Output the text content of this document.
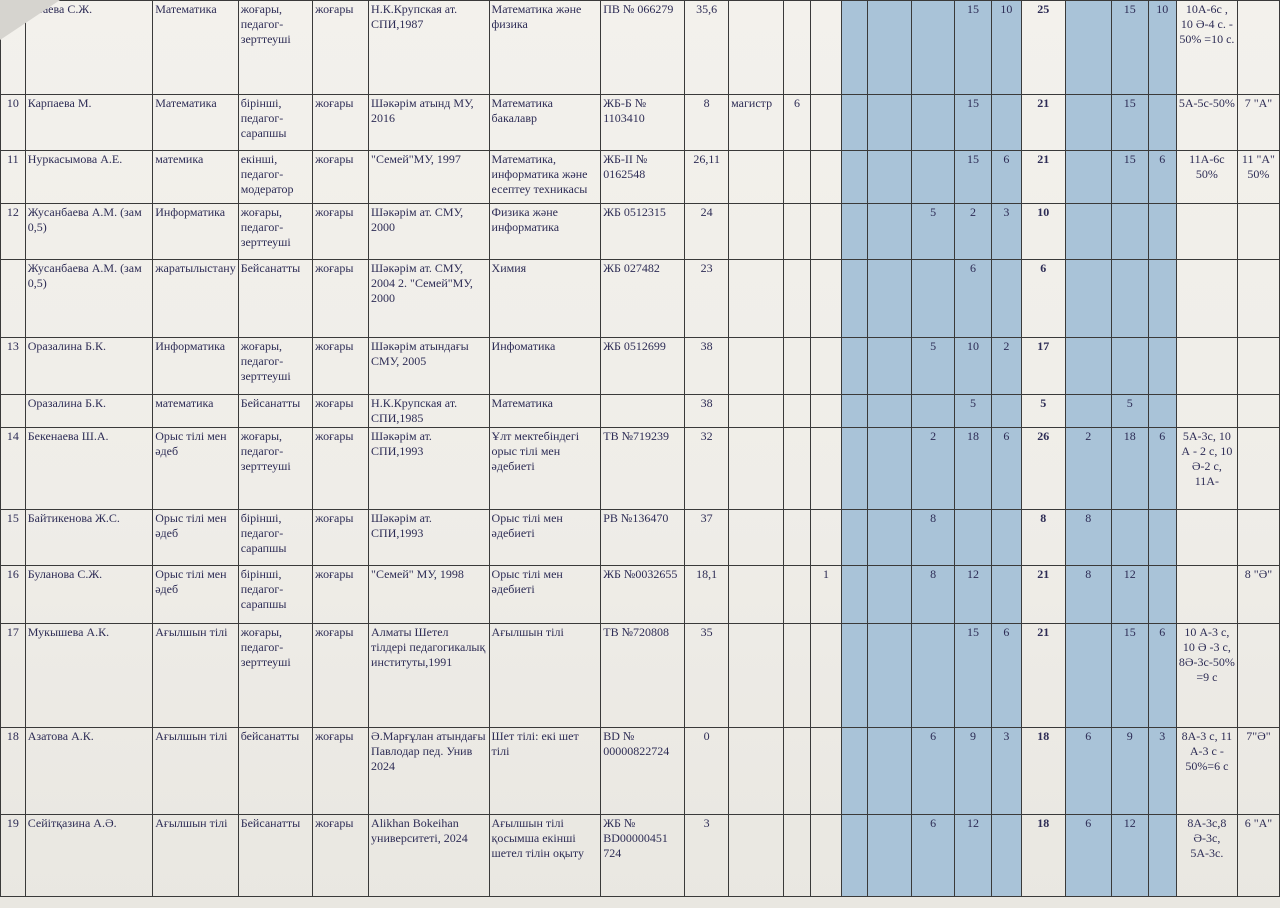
	...баева С.Ж.	Математика	жоғары, педагог-зерттеуші	жоғары	Н.К.Крупская ат. СПИ,1987	Математика және физика	ПВ № 066279	35,6							15	10	25		15	10	10А-6с , 10 Ә-4 с. - 50% =10 с.	
10	Карпаева М.	Математика	бірінші, педагог-сарапшы	жоғары	Шәкәрім атынд МУ, 2016	Математика бакалавр	ЖБ-Б № 1103410	8	магистр	6					15		21		15		5А-5с-50%	7 "А"
11	Нуркасымова А.Е.	матемика	екінші, педагог-модератор	жоғары	"Семей"МУ, 1997	Математика, информатика және есептеу техникасы	ЖБ-ІІ № 0162548	26,11							15	6	21		15	6	11А-6с 50%	11 "А" 50%
12	Жусанбаева А.М. (зам 0,5)	Информатика	жоғары, педагог-зерттеуші	жоғары	Шәкәрім ат. СМУ, 2000	Физика және информатика	ЖБ 0512315	24						5	2	3	10					
	Жусанбаева А.М. (зам 0,5)	жаратылыстану	Бейсанатты	жоғары	Шәкәрім ат. СМУ, 2004 2. "Семей"МУ, 2000	Химия	ЖБ 027482	23							6		6					
13	Оразалина Б.К.	Информатика	жоғары, педагог-зерттеуші	жоғары	Шәкәрім атындағы СМУ, 2005	Инфоматика	ЖБ 0512699	38						5	10	2	17					
	Оразалина Б.К.	математика	Бейсанатты	жоғары	Н.К.Крупская ат. СПИ,1985	Математика		38							5		5		5			
14	Бекенаева Ш.А.	Орыс тілі мен әдеб	жоғары, педагог-зерттеуші	жоғары	Шәкәрім ат. СПИ,1993	Ұлт мектебіндегі орыс тілі мен әдебиеті	ТВ №719239	32						2	18	6	26	2	18	6	5А-3с, 10 А - 2 с, 10 Ә-2 с, 11А-	
15	Байтикенова Ж.С.	Орыс тілі мен әдеб	бірінші, педагог-сарапшы	жоғары	Шәкәрім ат. СПИ,1993	Орыс тілі мен әдебиеті	РВ №136470	37						8			8	8				
16	Буланова С.Ж.	Орыс тілі мен әдеб	бірінші, педагог-сарапшы	жоғары	"Семей" МУ, 1998	Орыс тілі мен әдебиеті	ЖБ №0032655	18,1			1			8	12		21	8	12			8 "Ә"
17	Мукышева А.К.	Ағылшын тілі	жоғары, педагог-зерттеуші	жоғары	Алматы Шетел тілдері педагогикалық институты,1991	Ағылшын тілі	ТВ №720808	35							15	6	21		15	6	10 А-3 с, 10 Ә -3 с, 8Ә-3с-50% =9 с	
18	Азатова А.К.	Ағылшын тілі	бейсанатты	жоғары	Ә.Марғұлан атындағы Павлодар пед. Унив 2024	Шет тілі: екі шет тілі	BD № 00000822724	0						6	9	3	18	6	9	3	8А-3 с, 11 А-3 с - 50%=6 с	7"Ә"
19	Сейітқазина А.Ә.	Ағылшын тілі	Бейсанатты	жоғары	Alikhan Bokeihan университеті, 2024	Ағылшын тілі қосымша екінші шетел тілін оқыту	ЖБ № BD00000451 724	3						6	12		18	6	12		8А-3с,8 Ә-3с, 5А-3с.	6 "А"
